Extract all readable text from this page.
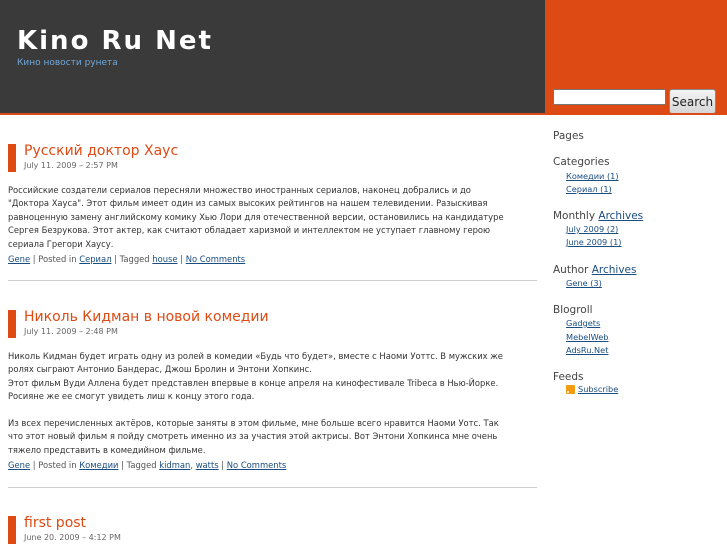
Kino Ru Net
Кино новости рунета
Search
Русский доктор Хаус
July 11. 2009 – 2:57 PM

Российские создатели сериалов пересняли множество иностранных сериалов, наконец добрались и до

"Доктора Хауса". Этот фильм имеет один из самых высоких рейтингов на нашем телевидении. Разыскивая

равноценную замену английскому комику Хью Лори для отечественной версии, остановились на кандидатуре

Сергея Безрукова. Этот актер, как считают обладает харизмой и интеллектом не уступает главному герою

сериала Грегори Хаусу.

Gene | Posted in Сериал | Tagged house | No Comments
Николь Кидман в новой комедии
July 11. 2009 – 2:48 PM

Николь Кидман будет играть одну из ролей в комедии «Будь что будет», вместе с Наоми Уоттс. В мужских же

ролях сыграют Антонио Бандерас, Джош Бролин и Энтони Хопкинс.

Этот фильм Вуди Аллена будет представлен впервые в конце апреля на кинофестивале Tribeca в Нью-Йорке.

Росияне же ее смогут увидеть лиш к концу этого года.

Из всех перечисленных актёров, которые заняты в этом фильме, мне больше всего нравится Наоми Уотс. Так

что этот новый фильм я пойду смотреть именно из за участия этой актрисы. Вот Энтони Хопкинса мне очень

тяжело представить в комедийном фильме.

Gene | Posted in Комедии | Tagged kidman, watts | No Comments
first post
June 20. 2009 – 4:12 PM
Pages
Categories
Комедии (1)
Сериал (1)
Monthly Archives
July 2009 (2)
June 2009 (1)
Author Archives
Gene (3)
Blogroll
Gadgets
MebelWeb
AdsRu.Net
Feeds
Subscribe
